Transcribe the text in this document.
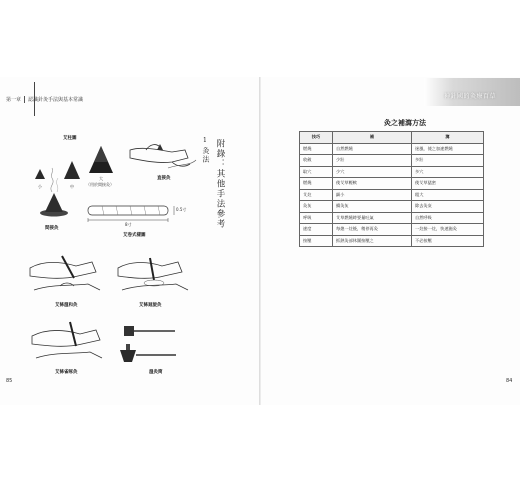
第一章 認識針灸手法與基本常識
艾柱圖
小	中
大
（用於間接灸）
直接灸
1
灸法 附錄：其他手法參考
間接灸
0.5寸
8寸
艾卷式樣圖
艾條溫和灸	艾條迴旋灸
艾條雀啄灸	溫灸筒
85
神針國的灸療百草
灸之補瀉方法
技巧	補	瀉
燃燒	自然燃燒	迷風，使之加速燃燒
收斂	少壯	多壯
取穴	少穴	多穴
燃燒	使艾草輕軟	使艾草猛密
艾炷	細小	粗大
灸灰	續灸灰	除去灸灰
呼吸	艾草燃燒時要量吐氣	自然呼吸
速度	每熄一炷後，稍停再灸	一炷接一炷，快速施灸
按壓	抓熱灸部休圍按壓之	不必按壓
84
